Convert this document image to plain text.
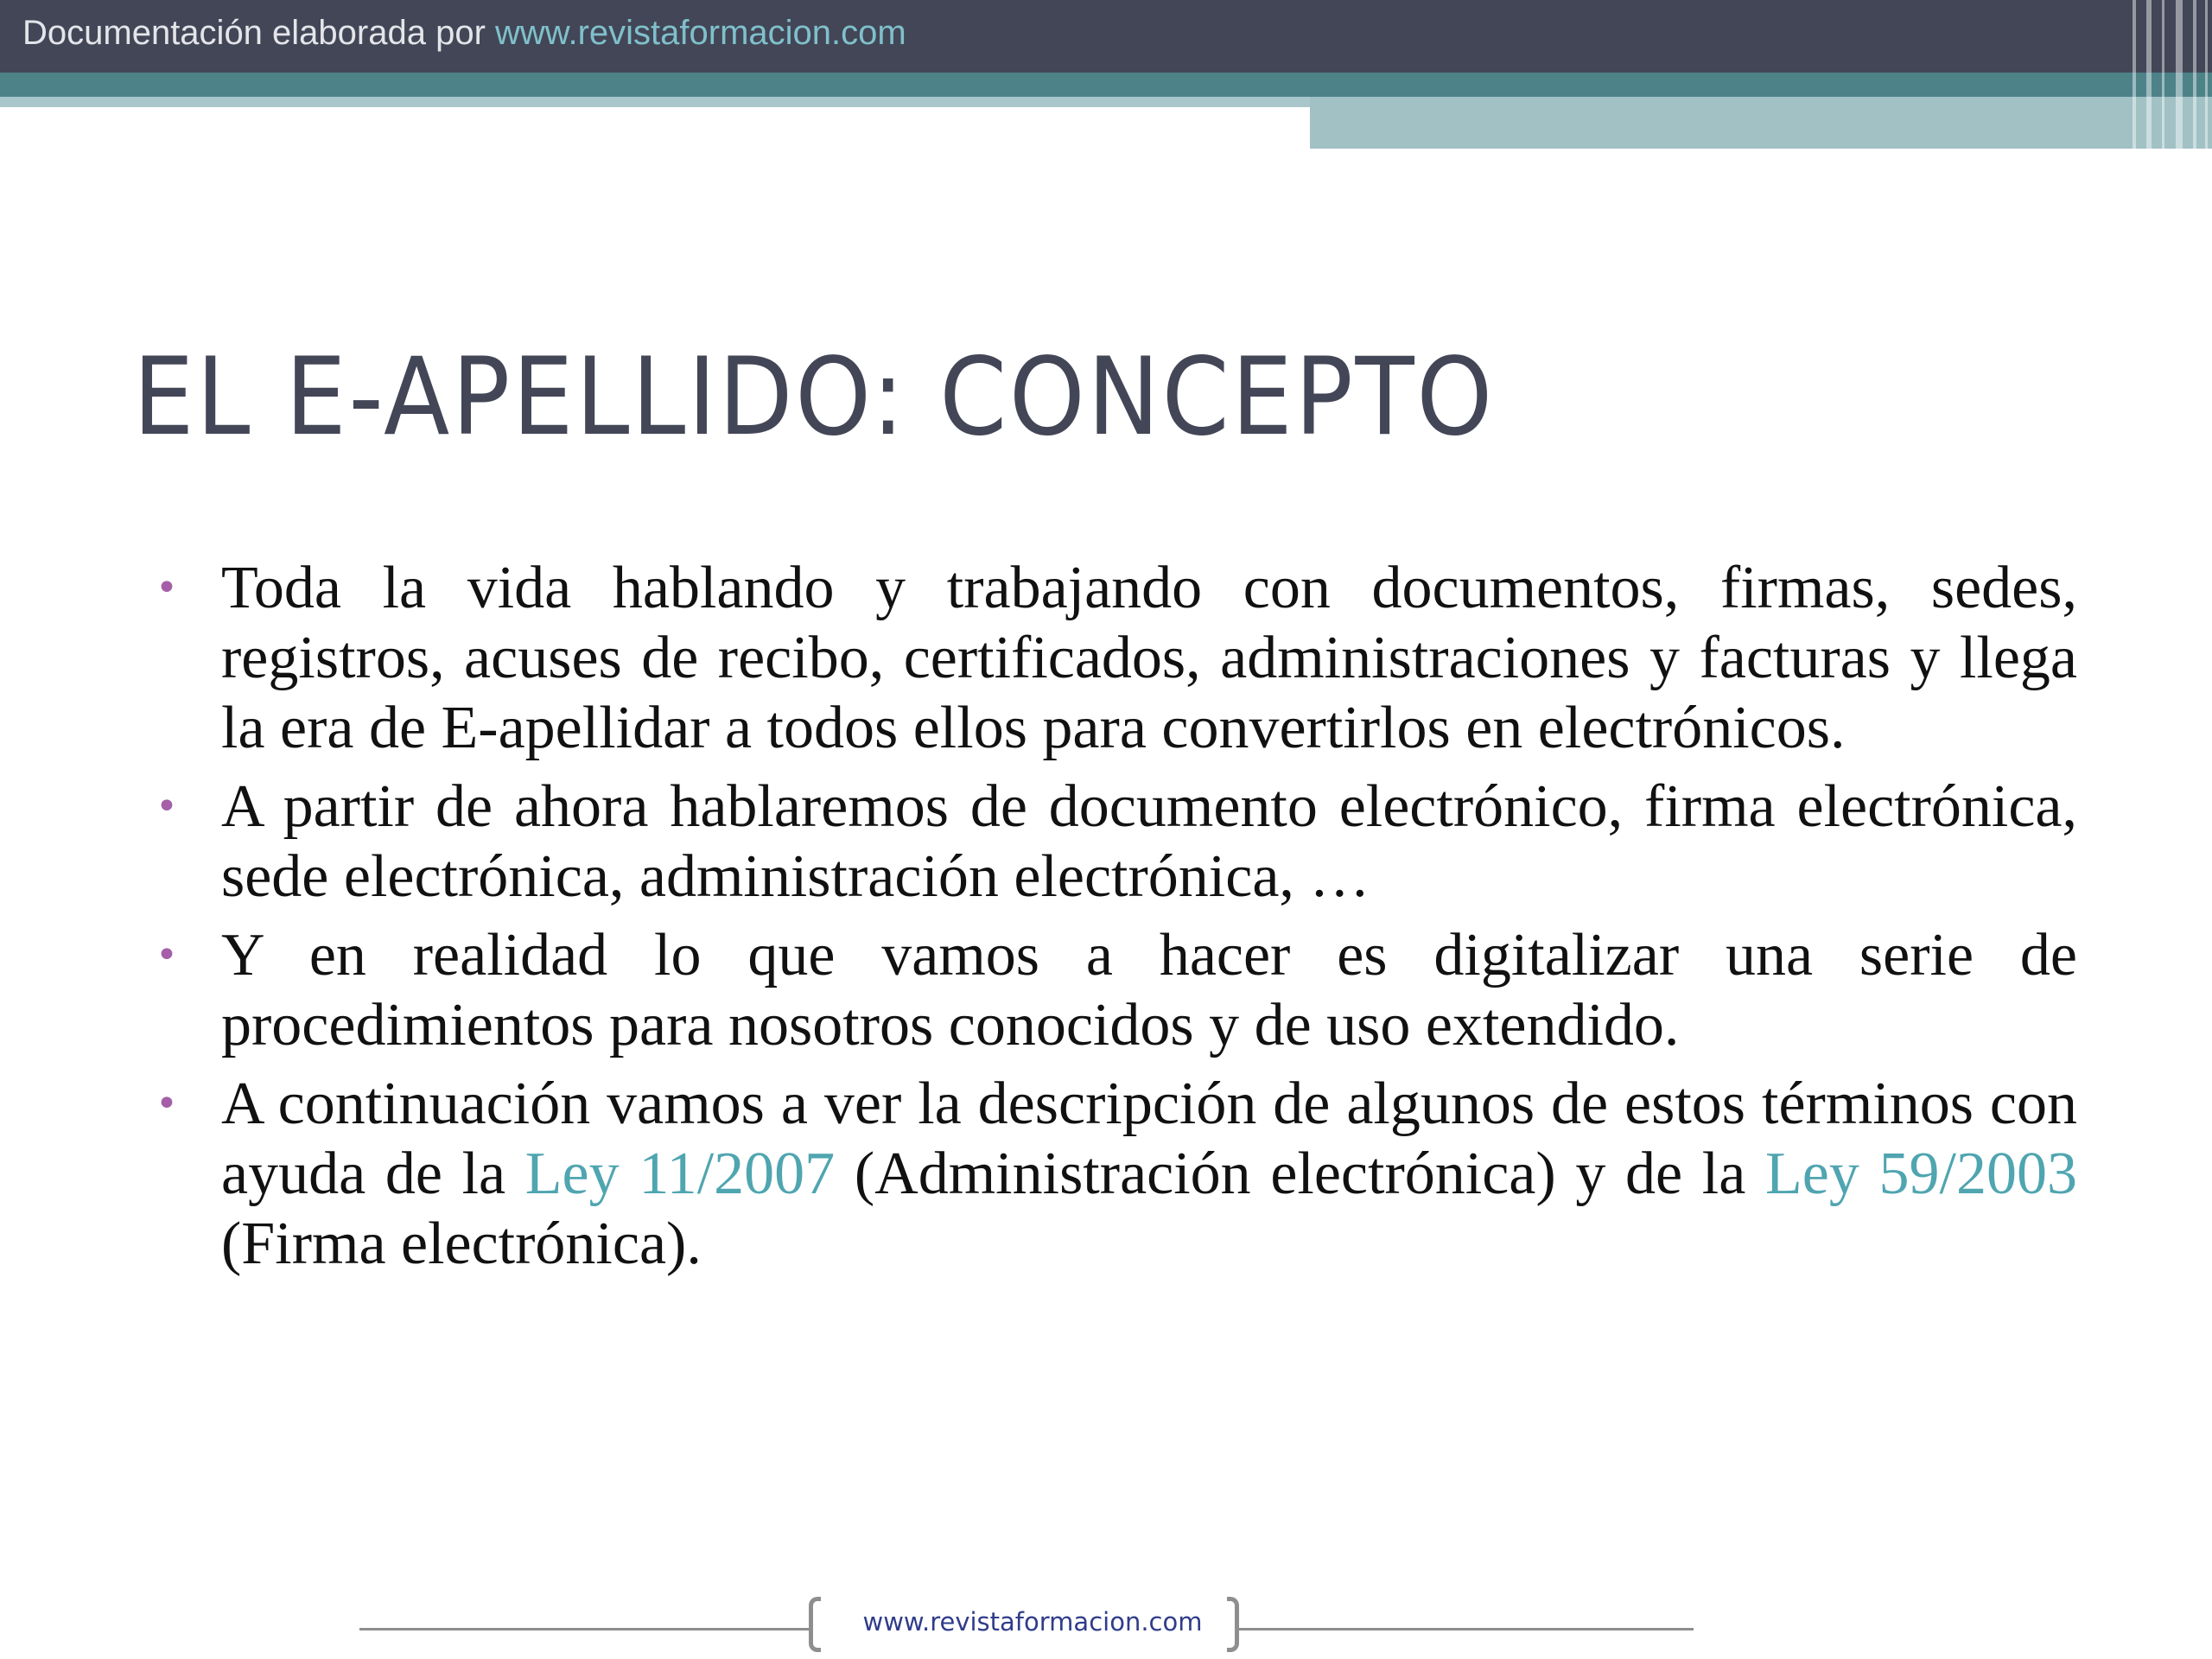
Documentación elaborada por www.revistaformacion.com
EL E-APELLIDO: CONCEPTO
• Toda la vida hablando y trabajando con documentos, firmas, sedes, registros, acuses de recibo, certificados, administraciones y facturas y llega la era de E-apellidar a todos ellos para convertirlos en electrónicos.
• A partir de ahora hablaremos de documento electrónico, firma electrónica, sede electrónica, administración electrónica, …
• Y en realidad lo que vamos a hacer es digitalizar una serie de procedimientos para nosotros conocidos y de uso extendido.
• A continuación vamos a ver la descripción de algunos de estos términos con ayuda de la Ley 11/2007 (Administración electrónica) y de la Ley 59/2003 (Firma electrónica).
www.revistaformacion.com
